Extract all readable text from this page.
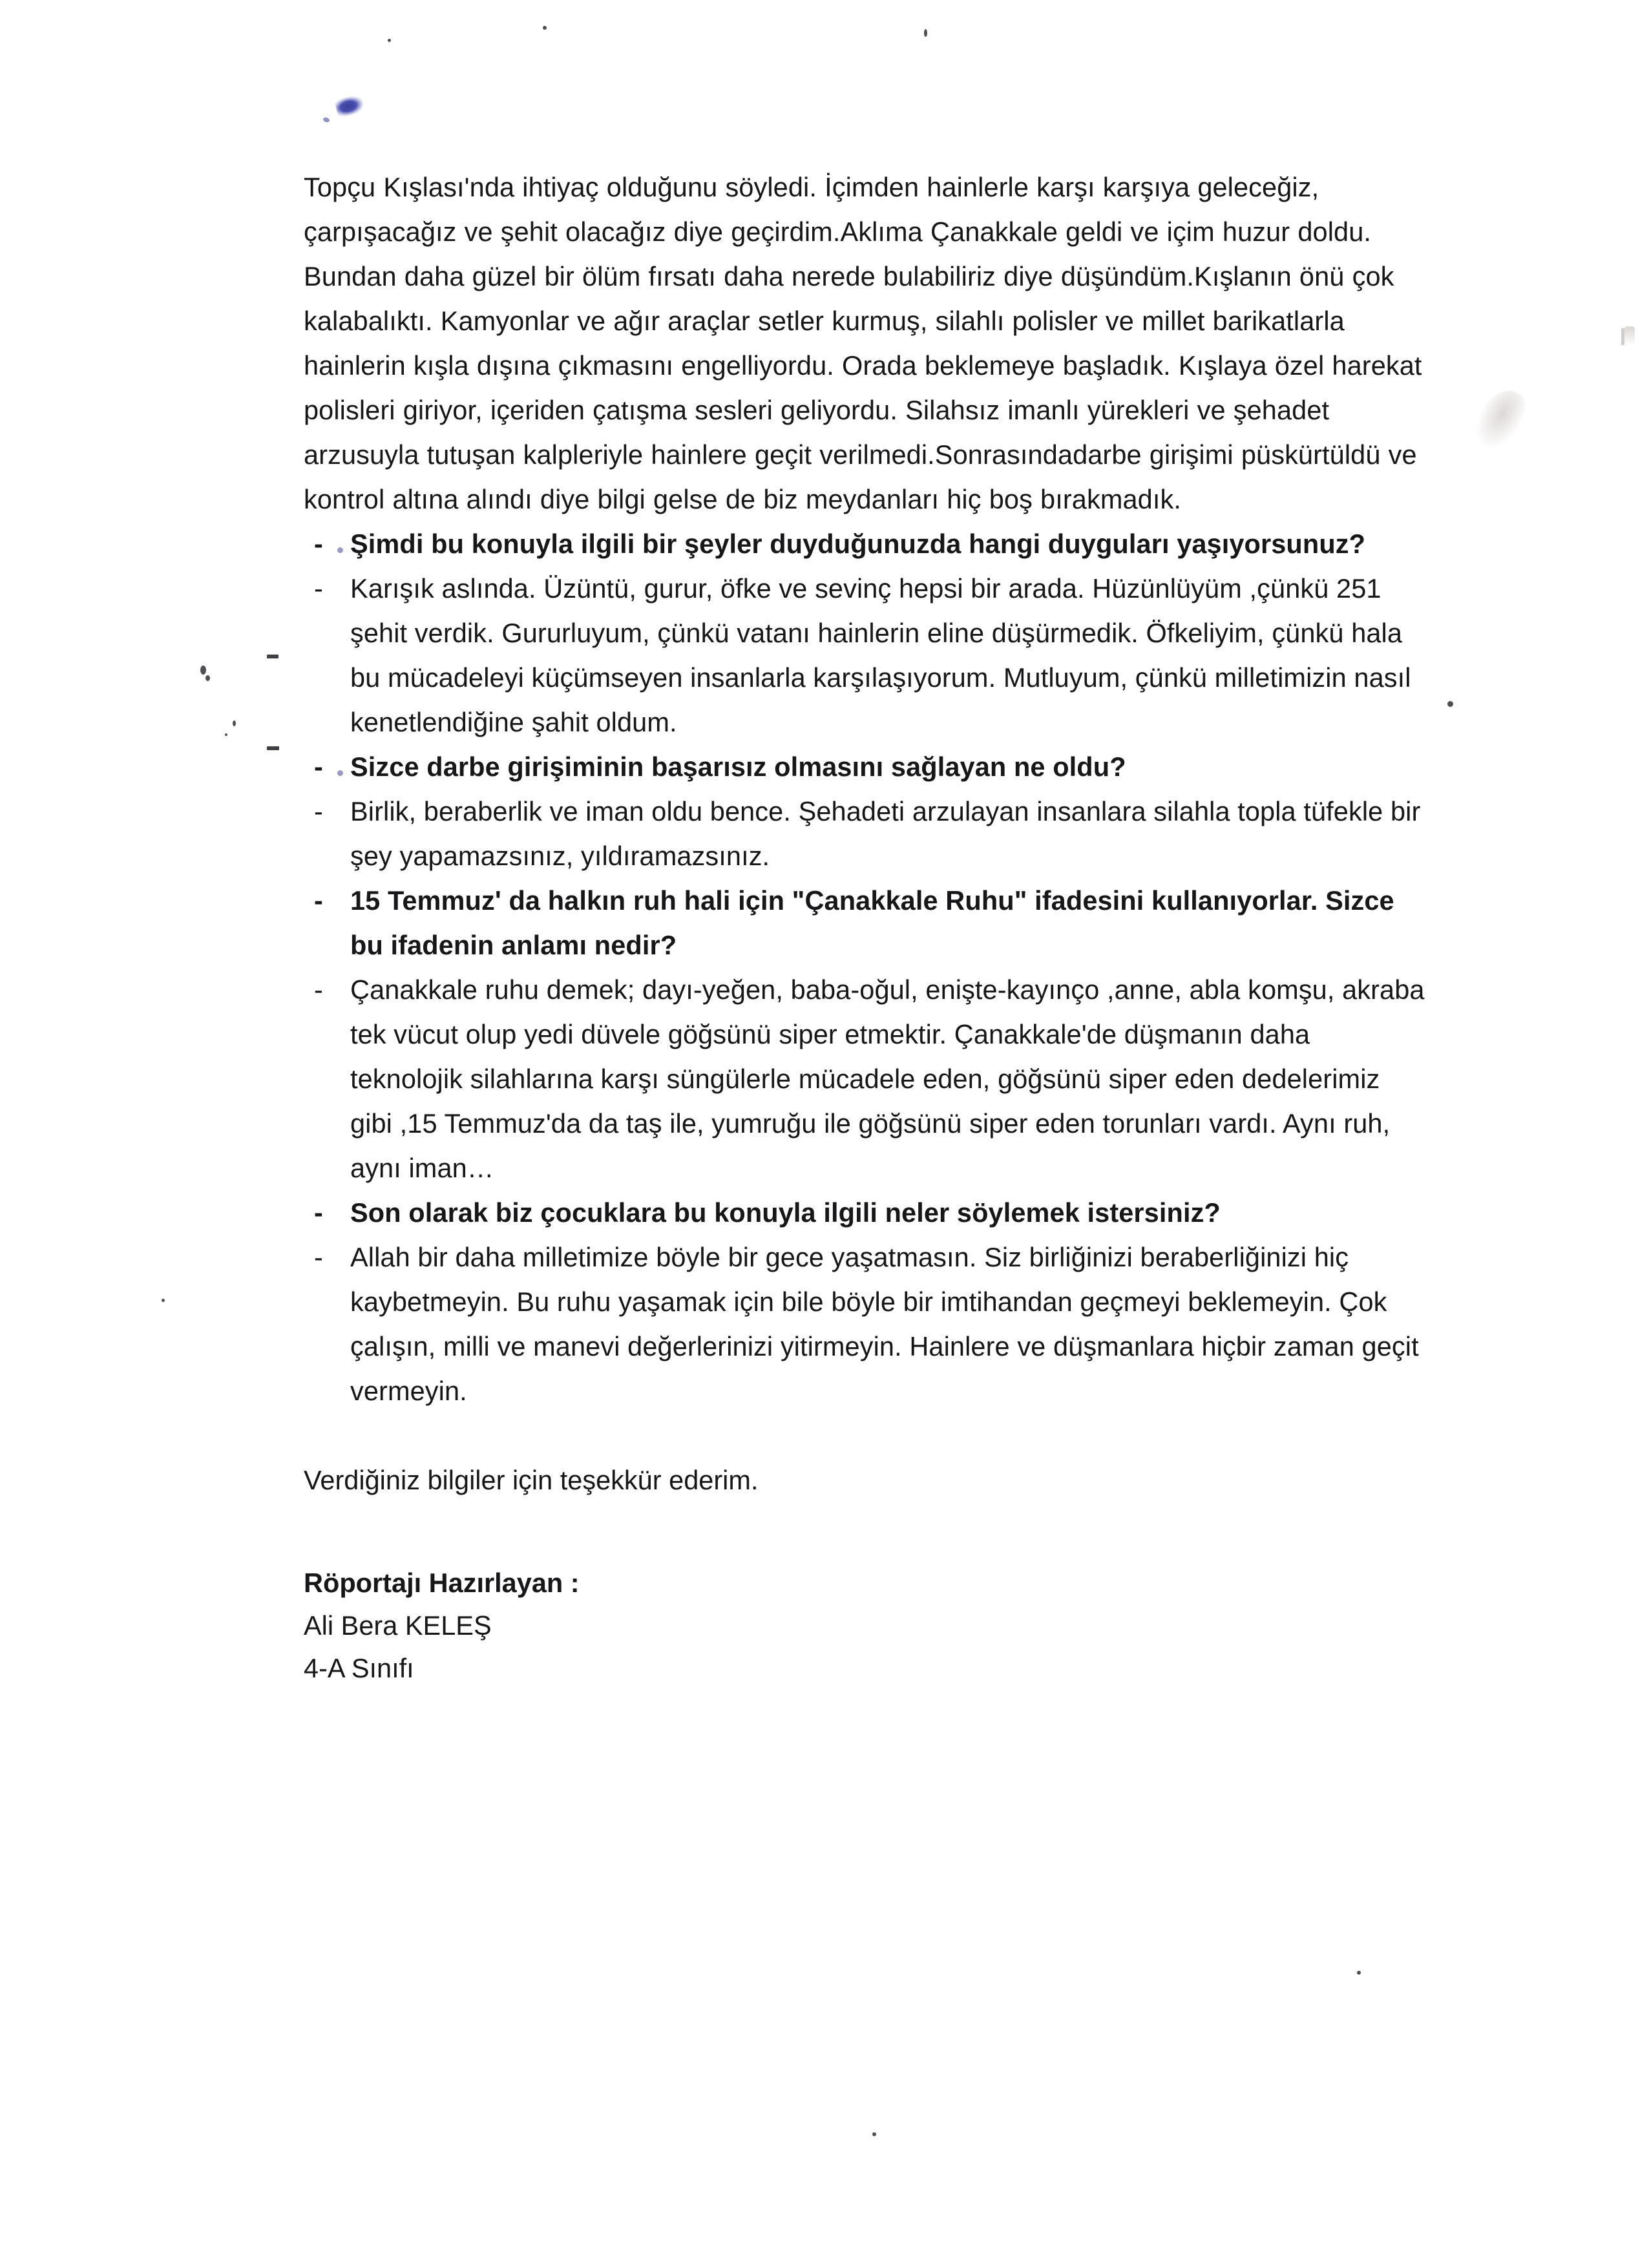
Topçu Kışlası'nda ihtiyaç olduğunu söyledi. İçimden hainlerle karşı karşıya geleceğiz, çarpışacağız ve şehit olacağız diye geçirdim.Aklıma Çanakkale geldi ve içim huzur doldu. Bundan daha güzel bir ölüm fırsatı daha nerede bulabiliriz diye düşündüm.Kışlanın önü çok kalabalıktı. Kamyonlar ve ağır araçlar setler kurmuş, silahlı polisler ve millet barikatlarla hainlerin kışla dışına çıkmasını engelliyordu. Orada beklemeye başladık. Kışlaya özel harekat polisleri giriyor, içeriden çatışma sesleri geliyordu. Silahsız imanlı yürekleri ve şehadet arzusuyla tutuşan kalpleriyle hainlere geçit verilmedi.Sonrasındadarbe girişimi püskürtüldü ve kontrol altına alındı diye bilgi gelse de biz meydanları hiç boş bırakmadık.

- Şimdi bu konuyla ilgili bir şeyler duyduğunuzda hangi duyguları yaşıyorsunuz?
- Karışık aslında. Üzüntü, gurur, öfke ve sevinç hepsi bir arada. Hüzünlüyüm ,çünkü 251 şehit verdik. Gururluyum, çünkü vatanı hainlerin eline düşürmedik. Öfkeliyim, çünkü hala bu mücadeleyi küçümseyen insanlarla karşılaşıyorum. Mutluyum, çünkü milletimizin nasıl kenetlendiğine şahit oldum.
- Sizce darbe girişiminin başarısız olmasını sağlayan ne oldu?
- Birlik, beraberlik ve iman oldu bence. Şehadeti arzulayan insanlara silahla topla tüfekle bir şey yapamazsınız, yıldıramazsınız.
- 15 Temmuz' da halkın ruh hali için "Çanakkale Ruhu" ifadesini kullanıyorlar. Sizce bu ifadenin anlamı nedir?
- Çanakkale ruhu demek; dayı-yeğen, baba-oğul, enişte-kayınço ,anne, abla komşu, akraba tek vücut olup yedi düvele göğsünü siper etmektir. Çanakkale'de düşmanın daha teknolojik silahlarına karşı süngülerle mücadele eden, göğsünü siper eden dedelerimiz gibi ,15 Temmuz'da da taş ile, yumruğu ile göğsünü siper eden torunları vardı. Aynı ruh, aynı iman…
- Son olarak biz çocuklara bu konuyla ilgili neler söylemek istersiniz?
- Allah bir daha milletimize böyle bir gece yaşatmasın. Siz birliğinizi beraberliğinizi hiç kaybetmeyin. Bu ruhu yaşamak için bile böyle bir imtihandan geçmeyi beklemeyin. Çok çalışın, milli ve manevi değerlerinizi yitirmeyin. Hainlere ve düşmanlara hiçbir zaman geçit vermeyin.

Verdiğiniz bilgiler için teşekkür ederim.

Röportajı Hazırlayan :
Ali Bera KELEŞ
4-A Sınıfı
